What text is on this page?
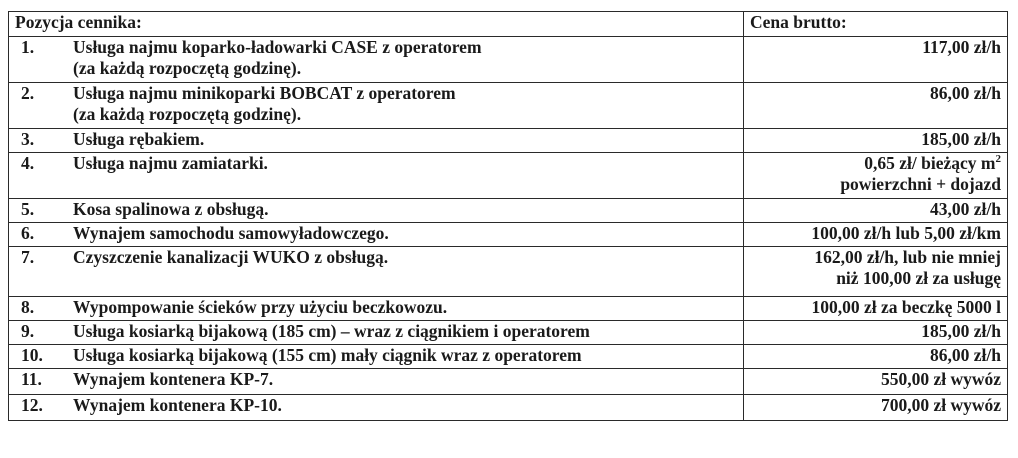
Pozycja cennika:	Cena brutto:

1. Usługa najmu koparko-ładowarki CASE z operatorem
(za każdą rozpoczętą godzinę).	117,00 zł/h

2. Usługa najmu minikoparki BOBCAT z operatorem
(za każdą rozpoczętą godzinę).	86,00 zł/h

3. Usługa rębakiem.	185,00 zł/h

4. Usługa najmu zamiatarki.	0,65 zł/ bieżący $m^2$
powierzchni + dojazd

5. Kosa spalinowa z obsługą.	43,00 zł/h

6. Wynajem samochodu samowyładowczego.	100,00 zł/h lub 5,00 zł/km

7. Czyszczenie kanalizacji WUKO z obsługą.	162,00 zł/h, lub nie mniej
niż 100,00 zł za usługę

8. Wypompowanie ścieków przy użyciu beczkowozu.	100,00 zł za beczkę 5000 l

9. Usługa kosiarką bijakową (185 cm) – wraz z ciągnikiem i operatorem	185,00 zł/h

10. Usługa kosiarką bijakową (155 cm) mały ciągnik wraz z operatorem	86,00 zł/h

11. Wynajem kontenera KP-7.	550,00 zł wywóz

12. Wynajem kontenera KP-10.	700,00 zł wywóz
